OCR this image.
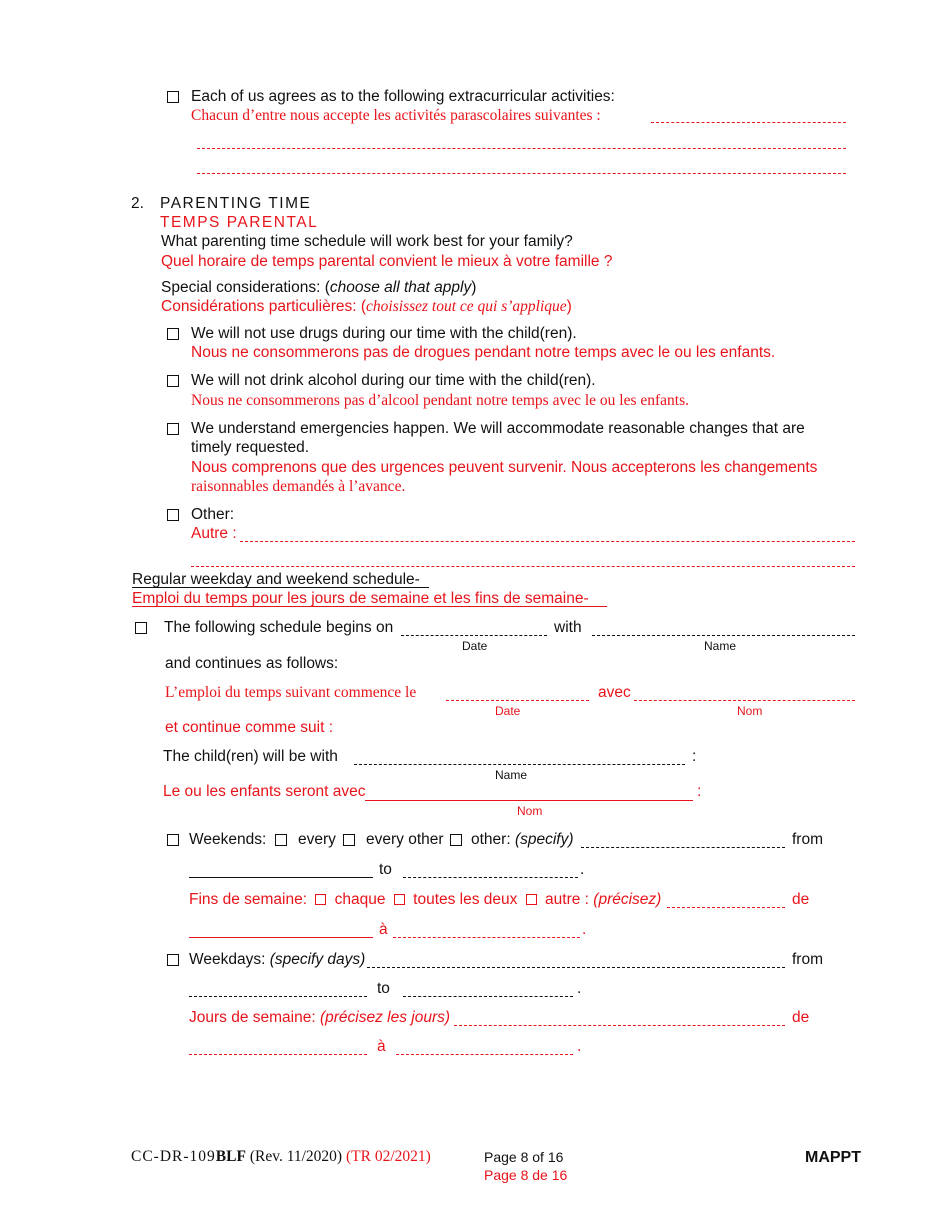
Each of us agrees as to the following extracurricular activities:
Chacun d’entre nous accepte les activités parascolaires suivantes :
2. PARENTING TIME
TEMPS PARENTAL
What parenting time schedule will work best for your family?
Quel horaire de temps parental convient le mieux à votre famille ?
Special considerations: (choose all that apply)
Considérations particulières: (choisissez tout ce qui s’applique)
We will not use drugs during our time with the child(ren).
Nous ne consommerons pas de drogues pendant notre temps avec le ou les enfants.
We will not drink alcohol during our time with the child(ren).
Nous ne consommerons pas d’alcool pendant notre temps avec le ou les enfants.
We understand emergencies happen. We will accommodate reasonable changes that are
timely requested.
Nous comprenons que des urgences peuvent survenir. Nous accepterons les changements
raisonnables demandés à l’avance.
Other:
Autre :
Regular weekday and weekend schedule-
Emploi du temps pour les jours de semaine et les fins de semaine-
The following schedule begins on	with
Date	Name
and continues as follows:
L’emploi du temps suivant commence le	avec
Date	Nom
et continue comme suit :
The child(ren) will be with	:
Name
Le ou les enfants seront avec	:
Nom
Weekends: every every other other: (specify)	from
to	.
Fins de semaine: chaque toutes les deux autre : (précisez)	de
à	.
Weekdays: (specify days)	from
to	.
Jours de semaine: (précisez les jours)	de
à	.
CC-DR-109BLF (Rev. 11/2020) (TR 02/2021)	Page 8 of 16
Page 8 de 16
MAPPT
